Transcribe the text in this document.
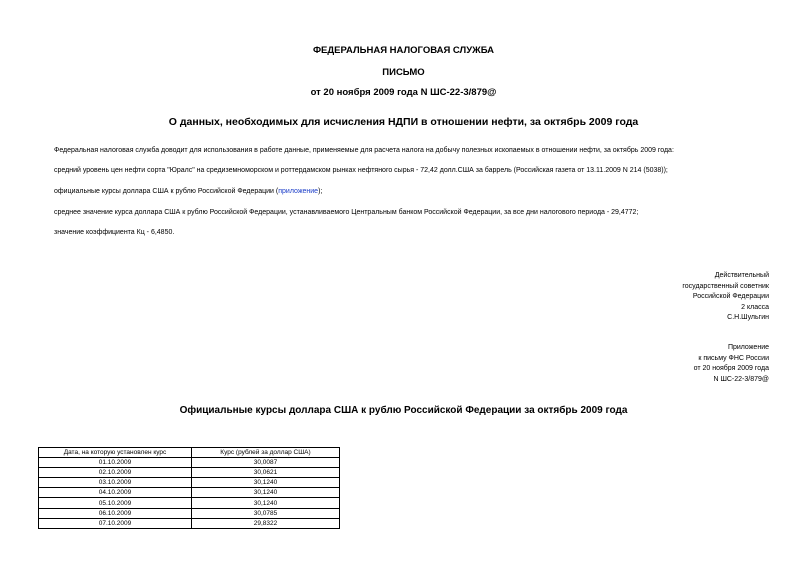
ФЕДЕРАЛЬНАЯ НАЛОГОВАЯ СЛУЖБА
ПИСЬМО
от 20 ноября 2009 года N ШС-22-3/879@
О данных, необходимых для исчисления НДПИ в отношении нефти, за октябрь 2009 года
Федеральная налоговая служба доводит для использования в работе данные, применяемые для расчета налога на добычу полезных ископаемых в отношении нефти, за октябрь 2009 года:
средний уровень цен нефти сорта "Юралс" на средиземноморском и роттердамском рынках нефтяного сырья - 72,42 долл.США за баррель (Российская газета от 13.11.2009 N 214 (5038));
официальные курсы доллара США к рублю Российской Федерации (приложение);
среднее значение курса доллара США к рублю Российской Федерации, устанавливаемого Центральным банком Российской Федерации, за все дни налогового периода - 29,4772;
значение коэффициента Кц - 6,4850.
Действительный
государственный советник
Российской Федерации
2 класса
С.Н.Шульгин
Приложение
к письму ФНС России
от 20 ноября 2009 года
N ШС-22-3/879@
Официальные курсы доллара США к рублю Российской Федерации за октябрь 2009 года
Дата, на которую установлен курс	Курс (рублей за доллар США)
01.10.2009	30,0087
02.10.2009	30,0621
03.10.2009	30,1240
04.10.2009	30,1240
05.10.2009	30,1240
06.10.2009	30,0785
07.10.2009	29,8322
